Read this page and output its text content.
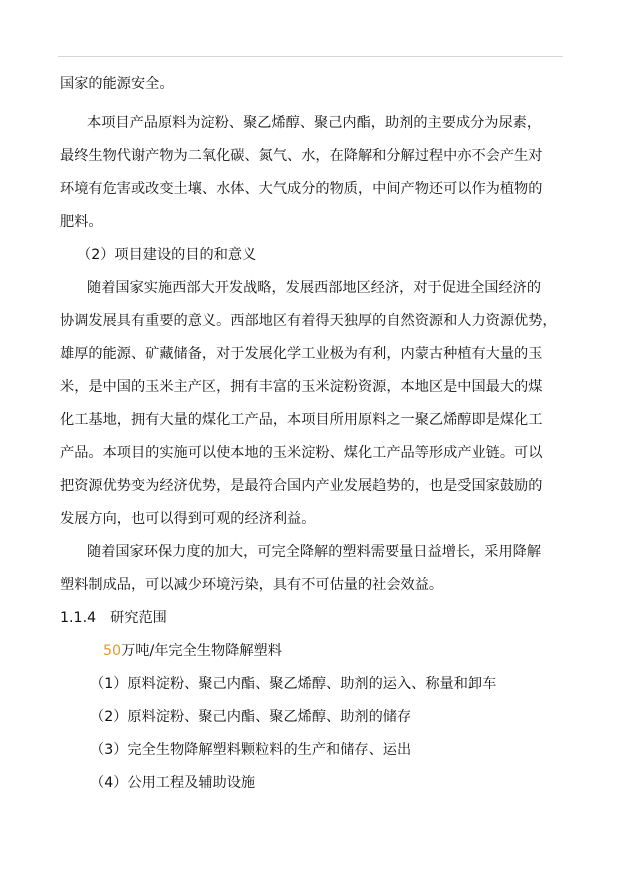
国家的能源安全。

本项目产品原料为淀粉、聚乙烯醇、聚己内酯，助剂的主要成分为尿素，

最终生物代谢产物为二氧化碳、氮气、水，在降解和分解过程中亦不会产生对

环境有危害或改变土壤、水体、大气成分的物质，中间产物还可以作为植物的

肥料。

（2）项目建设的目的和意义

随着国家实施西部大开发战略，发展西部地区经济，对于促进全国经济的

协调发展具有重要的意义。西部地区有着得天独厚的自然资源和人力资源优势，

雄厚的能源、矿藏储备，对于发展化学工业极为有利，内蒙古种植有大量的玉

米，是中国的玉米主产区，拥有丰富的玉米淀粉资源，本地区是中国最大的煤

化工基地，拥有大量的煤化工产品，本项目所用原料之一聚乙烯醇即是煤化工

产品。本项目的实施可以使本地的玉米淀粉、煤化工产品等形成产业链。可以

把资源优势变为经济优势，是最符合国内产业发展趋势的，也是受国家鼓励的

发展方向，也可以得到可观的经济利益。

随着国家环保力度的加大，可完全降解的塑料需要量日益增长，采用降解

塑料制成品，可以减少环境污染，具有不可估量的社会效益。

1.1.4 研究范围

50万吨/年完全生物降解塑料

（1）原料淀粉、聚己内酯、聚乙烯醇、助剂的运入、称量和卸车

（2）原料淀粉、聚己内酯、聚乙烯醇、助剂的储存

（3）完全生物降解塑料颗粒料的生产和储存、运出

（4）公用工程及辅助设施
